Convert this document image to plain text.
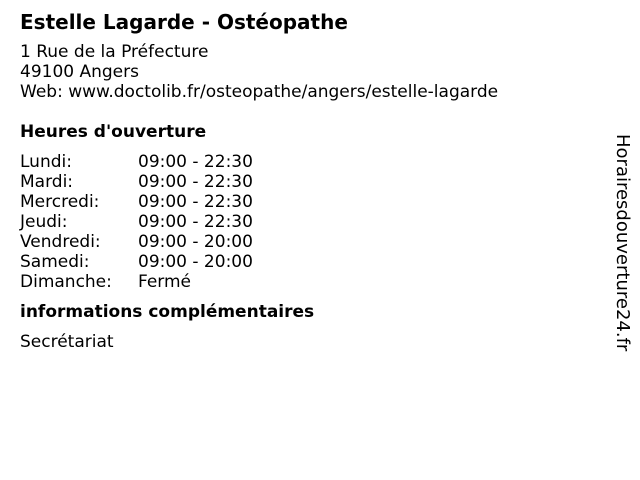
Estelle Lagarde - Ostéopathe
1 Rue de la Préfecture
49100 Angers
Web: www.doctolib.fr/osteopathe/angers/estelle-lagarde
Heures d'ouverture
Lundi:	09:00 - 22:30
Mardi:	09:00 - 22:30
Mercredi:	09:00 - 22:30
Jeudi:	09:00 - 22:30
Vendredi:	09:00 - 20:00
Samedi:	09:00 - 20:00
Dimanche:	Fermé
informations complémentaires
Secrétariat	Horairesdouverture24.fr
